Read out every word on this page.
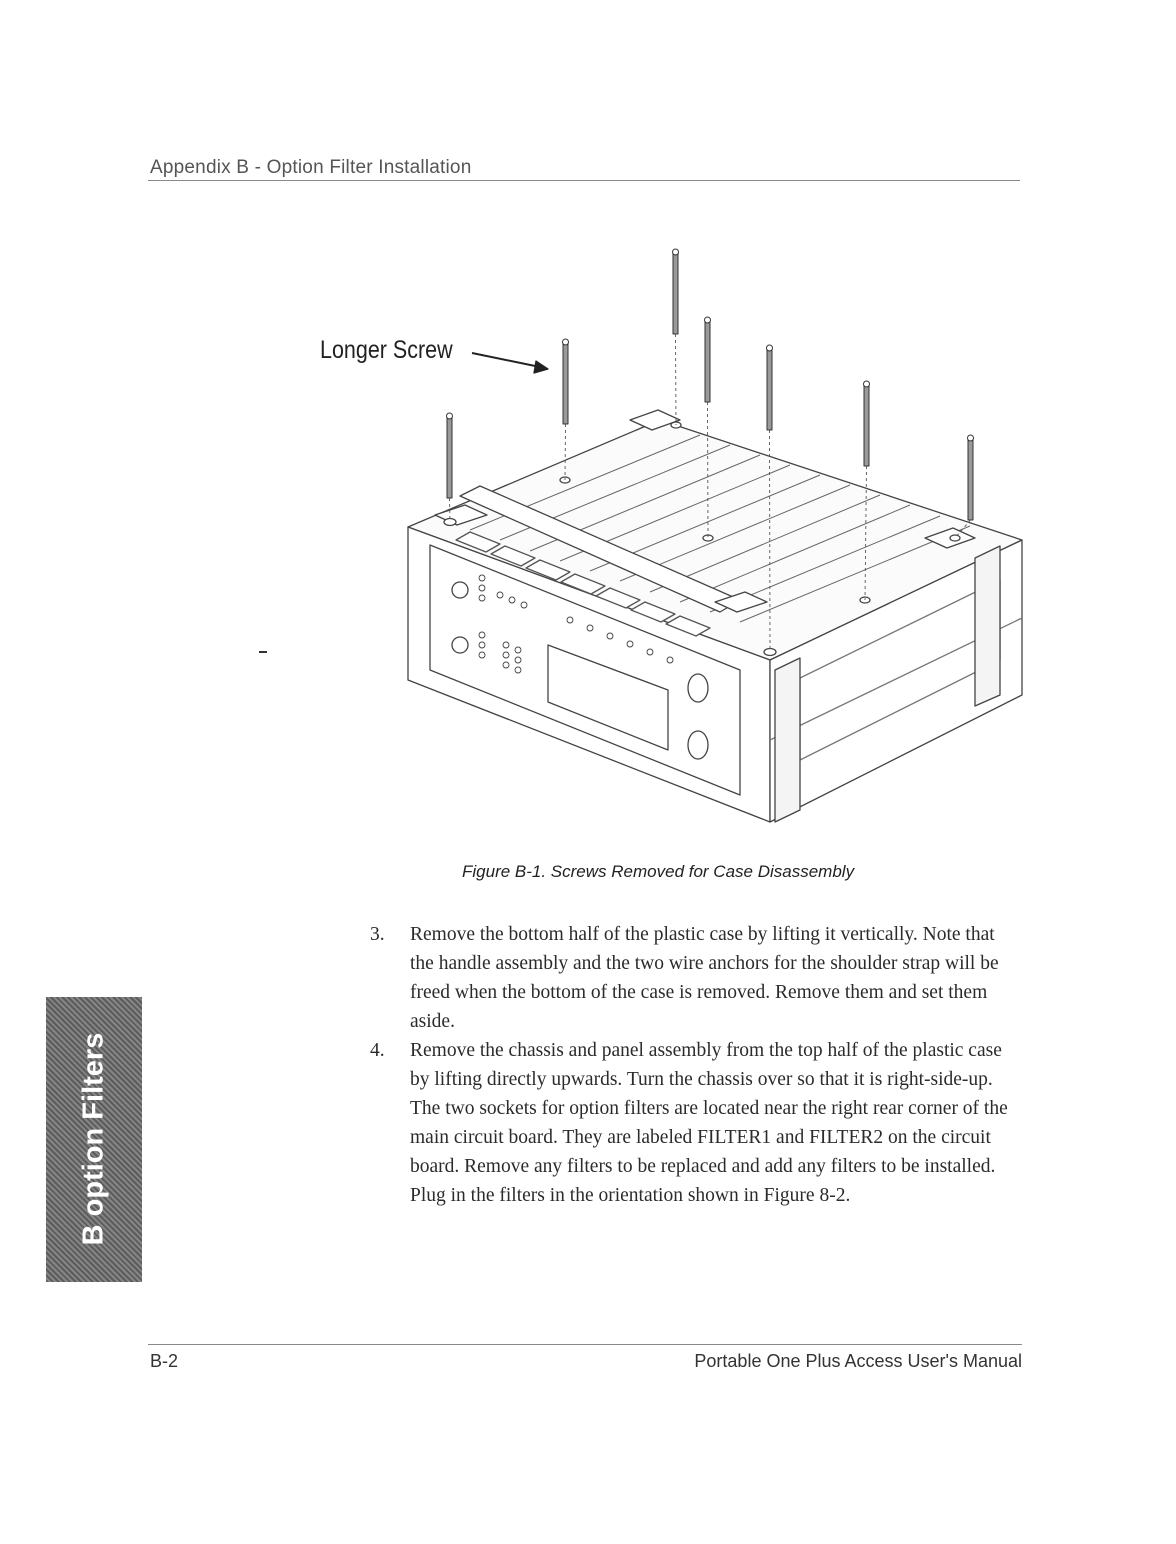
Appendix B - Option Filter Installation
Longer Screw
Figure B-1. Screws Removed for Case Disassembly
3.	Remove the bottom half of the plastic case by lifting it vertically. Note that the handle assembly and the two wire anchors for the shoulder strap will be freed when the bottom of the case is removed. Remove them and set them aside.
4.	Remove the chassis and panel assembly from the top half of the plastic case by lifting directly upwards. Turn the chassis over so that it is right-side-up. The two sockets for option filters are located near the right rear corner of the main circuit board. They are labeled FILTER1 and FILTER2 on the circuit board. Remove any filters to be replaced and add any filters to be installed. Plug in the filters in the orientation shown in Figure 8-2.
B option Filters
B-2	Portable One Plus Access User's Manual
